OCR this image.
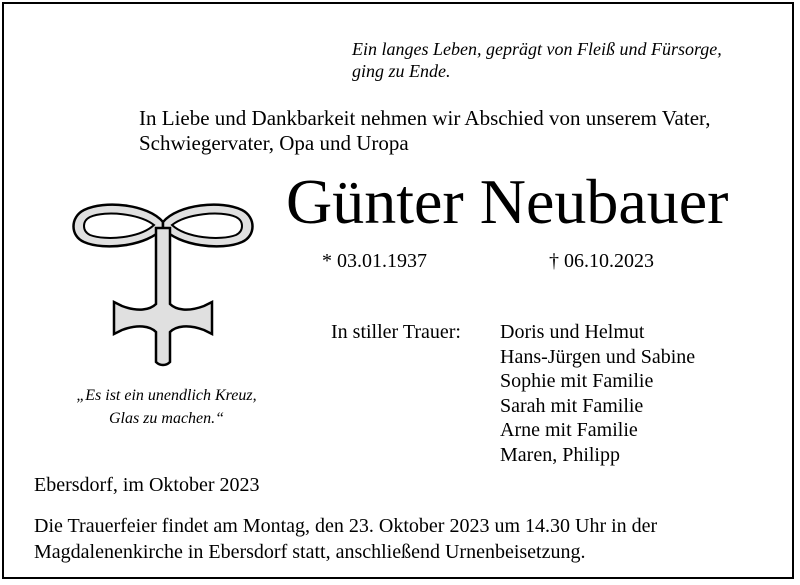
Ein langes Leben, geprägt von Fleiß und Fürsorge,
ging zu Ende.
In Liebe und Dankbarkeit nehmen wir Abschied von unserem Vater,
Schwiegervater, Opa und Uropa
Günter Neubauer
* 03.01.1937	† 06.10.2023
„Es ist ein unendlich Kreuz,
Glas zu machen.“
In stiller Trauer: Doris und Helmut
Hans-Jürgen und Sabine
Sophie mit Familie
Sarah mit Familie
Arne mit Familie
Maren, Philipp
Ebersdorf, im Oktober 2023
Die Trauerfeier findet am Montag, den 23. Oktober 2023 um 14.30 Uhr in der
Magdalenenkirche in Ebersdorf statt, anschließend Urnenbeisetzung.
